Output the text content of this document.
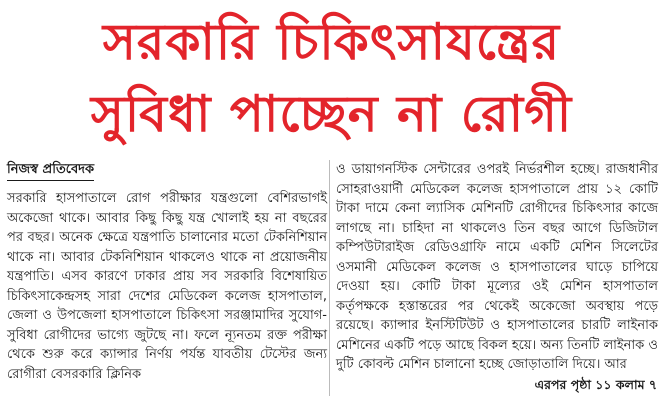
সরকারি চিকিৎসাযন্ত্রের
সুবিধা পাচ্ছেন না রোগী
নিজস্ব প্রতিবেদক

সরকারি হাসপাতালে রোগ পরীক্ষার যন্ত্রগুলো বেশিরভাগই অকেজো থাকে। আবার কিছু কিছু যন্ত্র খোলাই হয় না বছরের পর বছর। অনেক ক্ষেত্রে যন্ত্রপাতি চালানোর মতো টেকনিশিয়ান থাকে না। আবার টেকনিশিয়ান থাকলেও থাকে না প্রয়োজনীয় যন্ত্রপাতি। এসব কারণে ঢাকার প্রায় সব সরকারি বিশেষায়িত চিকিৎসাকেন্দ্রসহ সারা দেশের মেডিকেল কলেজ হাসপাতাল, জেলা ও উপজেলা হাসপাতালে চিকিৎসা সরঞ্জামাদির সুযোগ-সুবিধা রোগীদের ভাগ্যে জুটছে না। ফলে ন্যূনতম রক্ত পরীক্ষা থেকে শুরু করে ক্যান্সার নির্ণয় পর্যন্ত যাবতীয় টেস্টের জন্য রোগীরা বেসরকারি ক্লিনিক

ও ডায়াগনস্টিক সেন্টারের ওপরই নির্ভরশীল হচ্ছে। রাজধানীর সোহরাওয়ার্দী মেডিকেল কলেজ হাসপাতালে প্রায় ১২ কোটি টাকা দামে কেনা ল্যাসিক মেশিনটি রোগীদের চিকিৎসার কাজে লাগছে না। চাহিদা না থাকলেও তিন বছর আগে ডিজিটাল কম্পিউটারাইজ রেডিওগ্রাফি নামে একটি মেশিন সিলেটের ওসমানী মেডিকেল কলেজ ও হাসপাতালের ঘাড়ে চাপিয়ে দেওয়া হয়। কোটি টাকা মূল্যের ওই মেশিন হাসপাতাল কর্তৃপক্ষকে হস্তান্তরের পর থেকেই অকেজো অবস্থায় পড়ে রয়েছে। ক্যান্সার ইনস্টিটিউট ও হাসপাতালের চারটি লাইনাক মেশিনের একটি পড়ে আছে বিকল হয়ে। অন্য তিনটি লাইনাক ও দুটি কোবল্ট মেশিন চালানো হচ্ছে জোড়াতালি দিয়ে। আর

এরপর পৃষ্ঠা ১১ কলাম ৭
